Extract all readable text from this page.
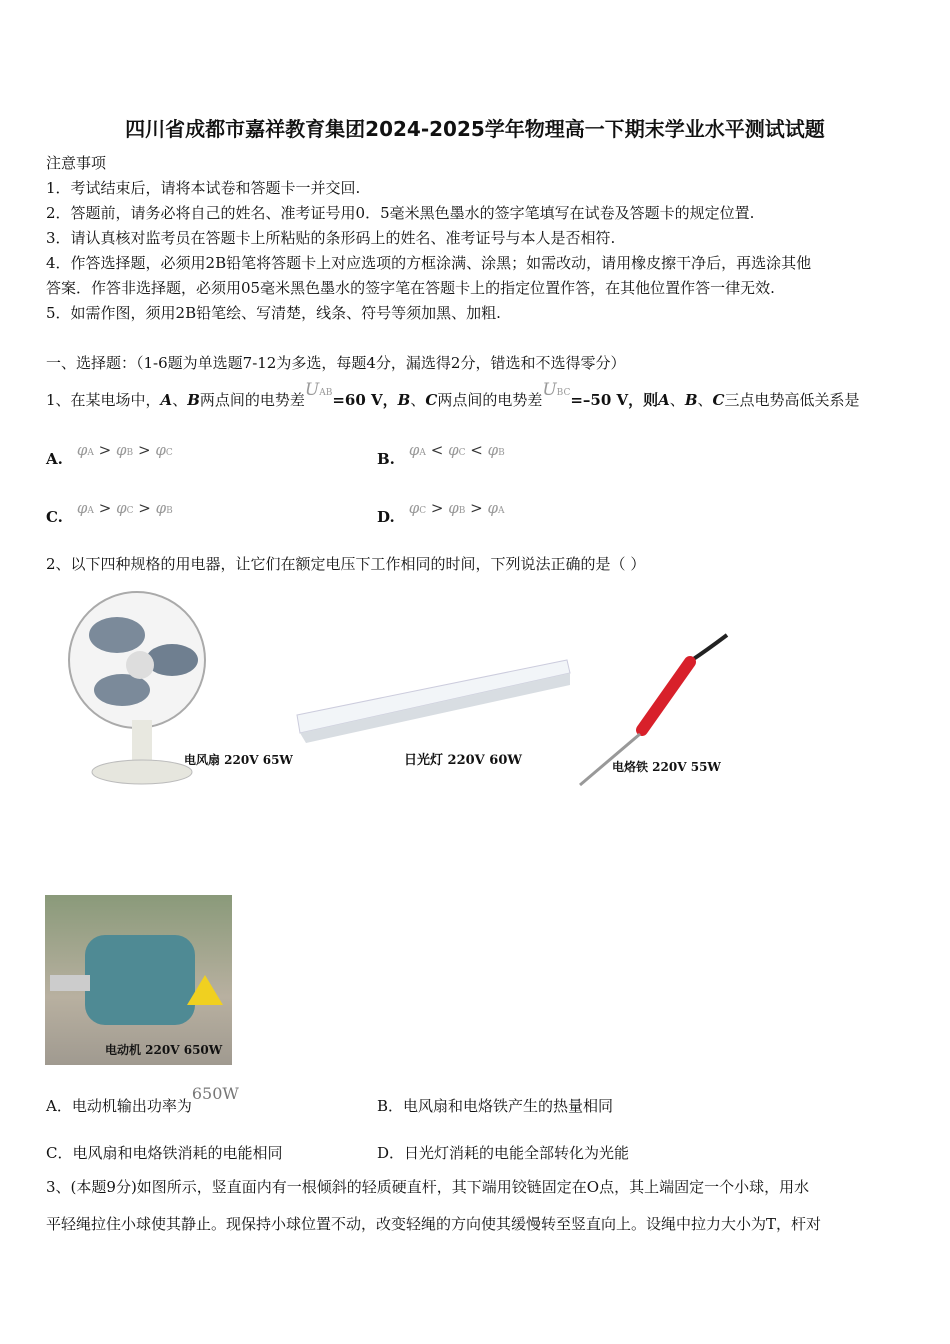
四川省成都市嘉祥教育集团2024-2025学年物理高一下期末学业水平测试试题
注意事项
1．考试结束后，请将本试卷和答题卡一并交回.
2．答题前，请务必将自己的姓名、准考证号用0．5毫米黑色墨水的签字笔填写在试卷及答题卡的规定位置.
3．请认真核对监考员在答题卡上所粘贴的条形码上的姓名、准考证号与本人是否相符.
4．作答选择题，必须用2B铅笔将答题卡上对应选项的方框涂满、涂黑；如需改动，请用橡皮擦干净后，再选涂其他
答案．作答非选择题，必须用05毫米黑色墨水的签字笔在答题卡上的指定位置作答，在其他位置作答一律无效.
5．如需作图，须用2B铅笔绘、写清楚，线条、符号等须加黑、加粗.
一、选择题：（1-6题为单选题7-12为多选，每题4分，漏选得2分，错选和不选得零分）
1、在某电场中，A、B两点间的电势差UAB=60 V，B、C两点间的电势差UBC=–50 V，则A、B、C三点电势高低关系是
A. φA > φB > φC	B. φA < φC < φB
C. φA > φC > φB	D. φC > φB > φA
2、以下四种规格的用电器，让它们在额定电压下工作相同的时间，下列说法正确的是（ ）
电风扇 220V 65W	日光灯 220V 60W	电烙铁 220V 55W
电动机 220V 650W
A．电动机输出功率为650W
B．电风扇和电烙铁产生的热量相同
C．电风扇和电烙铁消耗的电能相同	D．日光灯消耗的电能全部转化为光能
3、(本题9分)如图所示，竖直面内有一根倾斜的轻质硬直杆，其下端用铰链固定在O点，其上端固定一个小球，用水
平轻绳拉住小球使其静止。现保持小球位置不动，改变轻绳的方向使其缓慢转至竖直向上。设绳中拉力大小为T，杆对
